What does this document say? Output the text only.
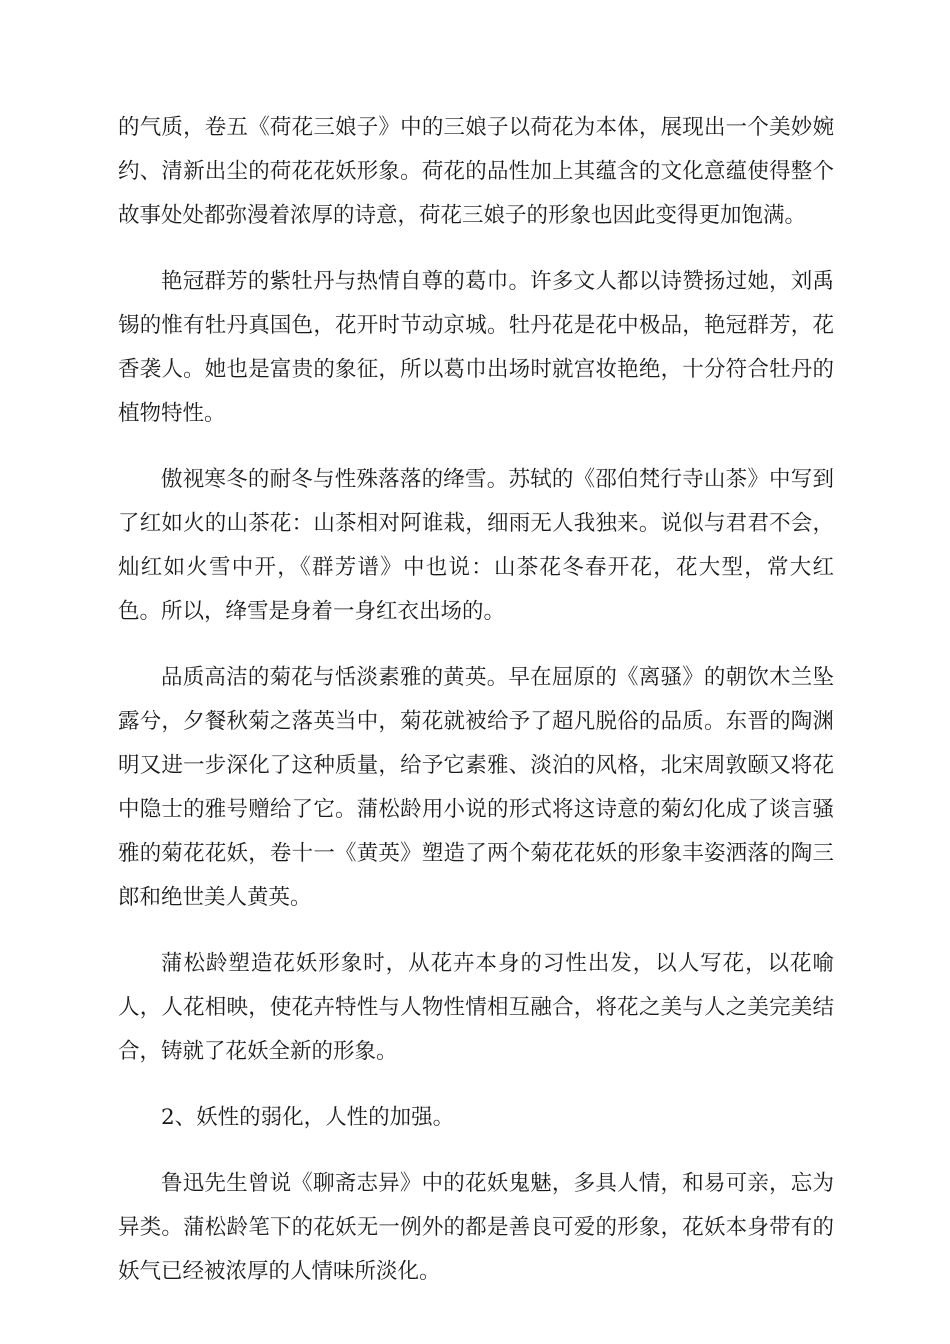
的气质，卷五《荷花三娘子》中的三娘子以荷花为本体，展现出一个美妙婉约、清新出尘的荷花花妖形象。荷花的品性加上其蕴含的文化意蕴使得整个故事处处都弥漫着浓厚的诗意，荷花三娘子的形象也因此变得更加饱满。

艳冠群芳的紫牡丹与热情自尊的葛巾。许多文人都以诗赞扬过她，刘禹锡的惟有牡丹真国色，花开时节动京城。牡丹花是花中极品，艳冠群芳，花香袭人。她也是富贵的象征，所以葛巾出场时就宫妆艳绝，十分符合牡丹的植物特性。

傲视寒冬的耐冬与性殊落落的绛雪。苏轼的《邵伯梵行寺山茶》中写到了红如火的山茶花：山茶相对阿谁栽，细雨无人我独来。说似与君君不会，灿红如火雪中开，《群芳谱》中也说：山茶花冬春开花，花大型，常大红色。所以，绛雪是身着一身红衣出场的。

品质高洁的菊花与恬淡素雅的黄英。早在屈原的《离骚》的朝饮木兰坠露兮，夕餐秋菊之落英当中，菊花就被给予了超凡脱俗的品质。东晋的陶渊明又进一步深化了这种质量，给予它素雅、淡泊的风格，北宋周敦颐又将花中隐士的雅号赠给了它。蒲松龄用小说的形式将这诗意的菊幻化成了谈言骚雅的菊花花妖，卷十一《黄英》塑造了两个菊花花妖的形象丰姿洒落的陶三郎和绝世美人黄英。

蒲松龄塑造花妖形象时，从花卉本身的习性出发，以人写花，以花喻人，人花相映，使花卉特性与人物性情相互融合，将花之美与人之美完美结合，铸就了花妖全新的形象。

2、妖性的弱化，人性的加强。

鲁迅先生曾说《聊斋志异》中的花妖鬼魅，多具人情，和易可亲，忘为异类。蒲松龄笔下的花妖无一例外的都是善良可爱的形象，花妖本身带有的妖气已经被浓厚的人情味所淡化。
